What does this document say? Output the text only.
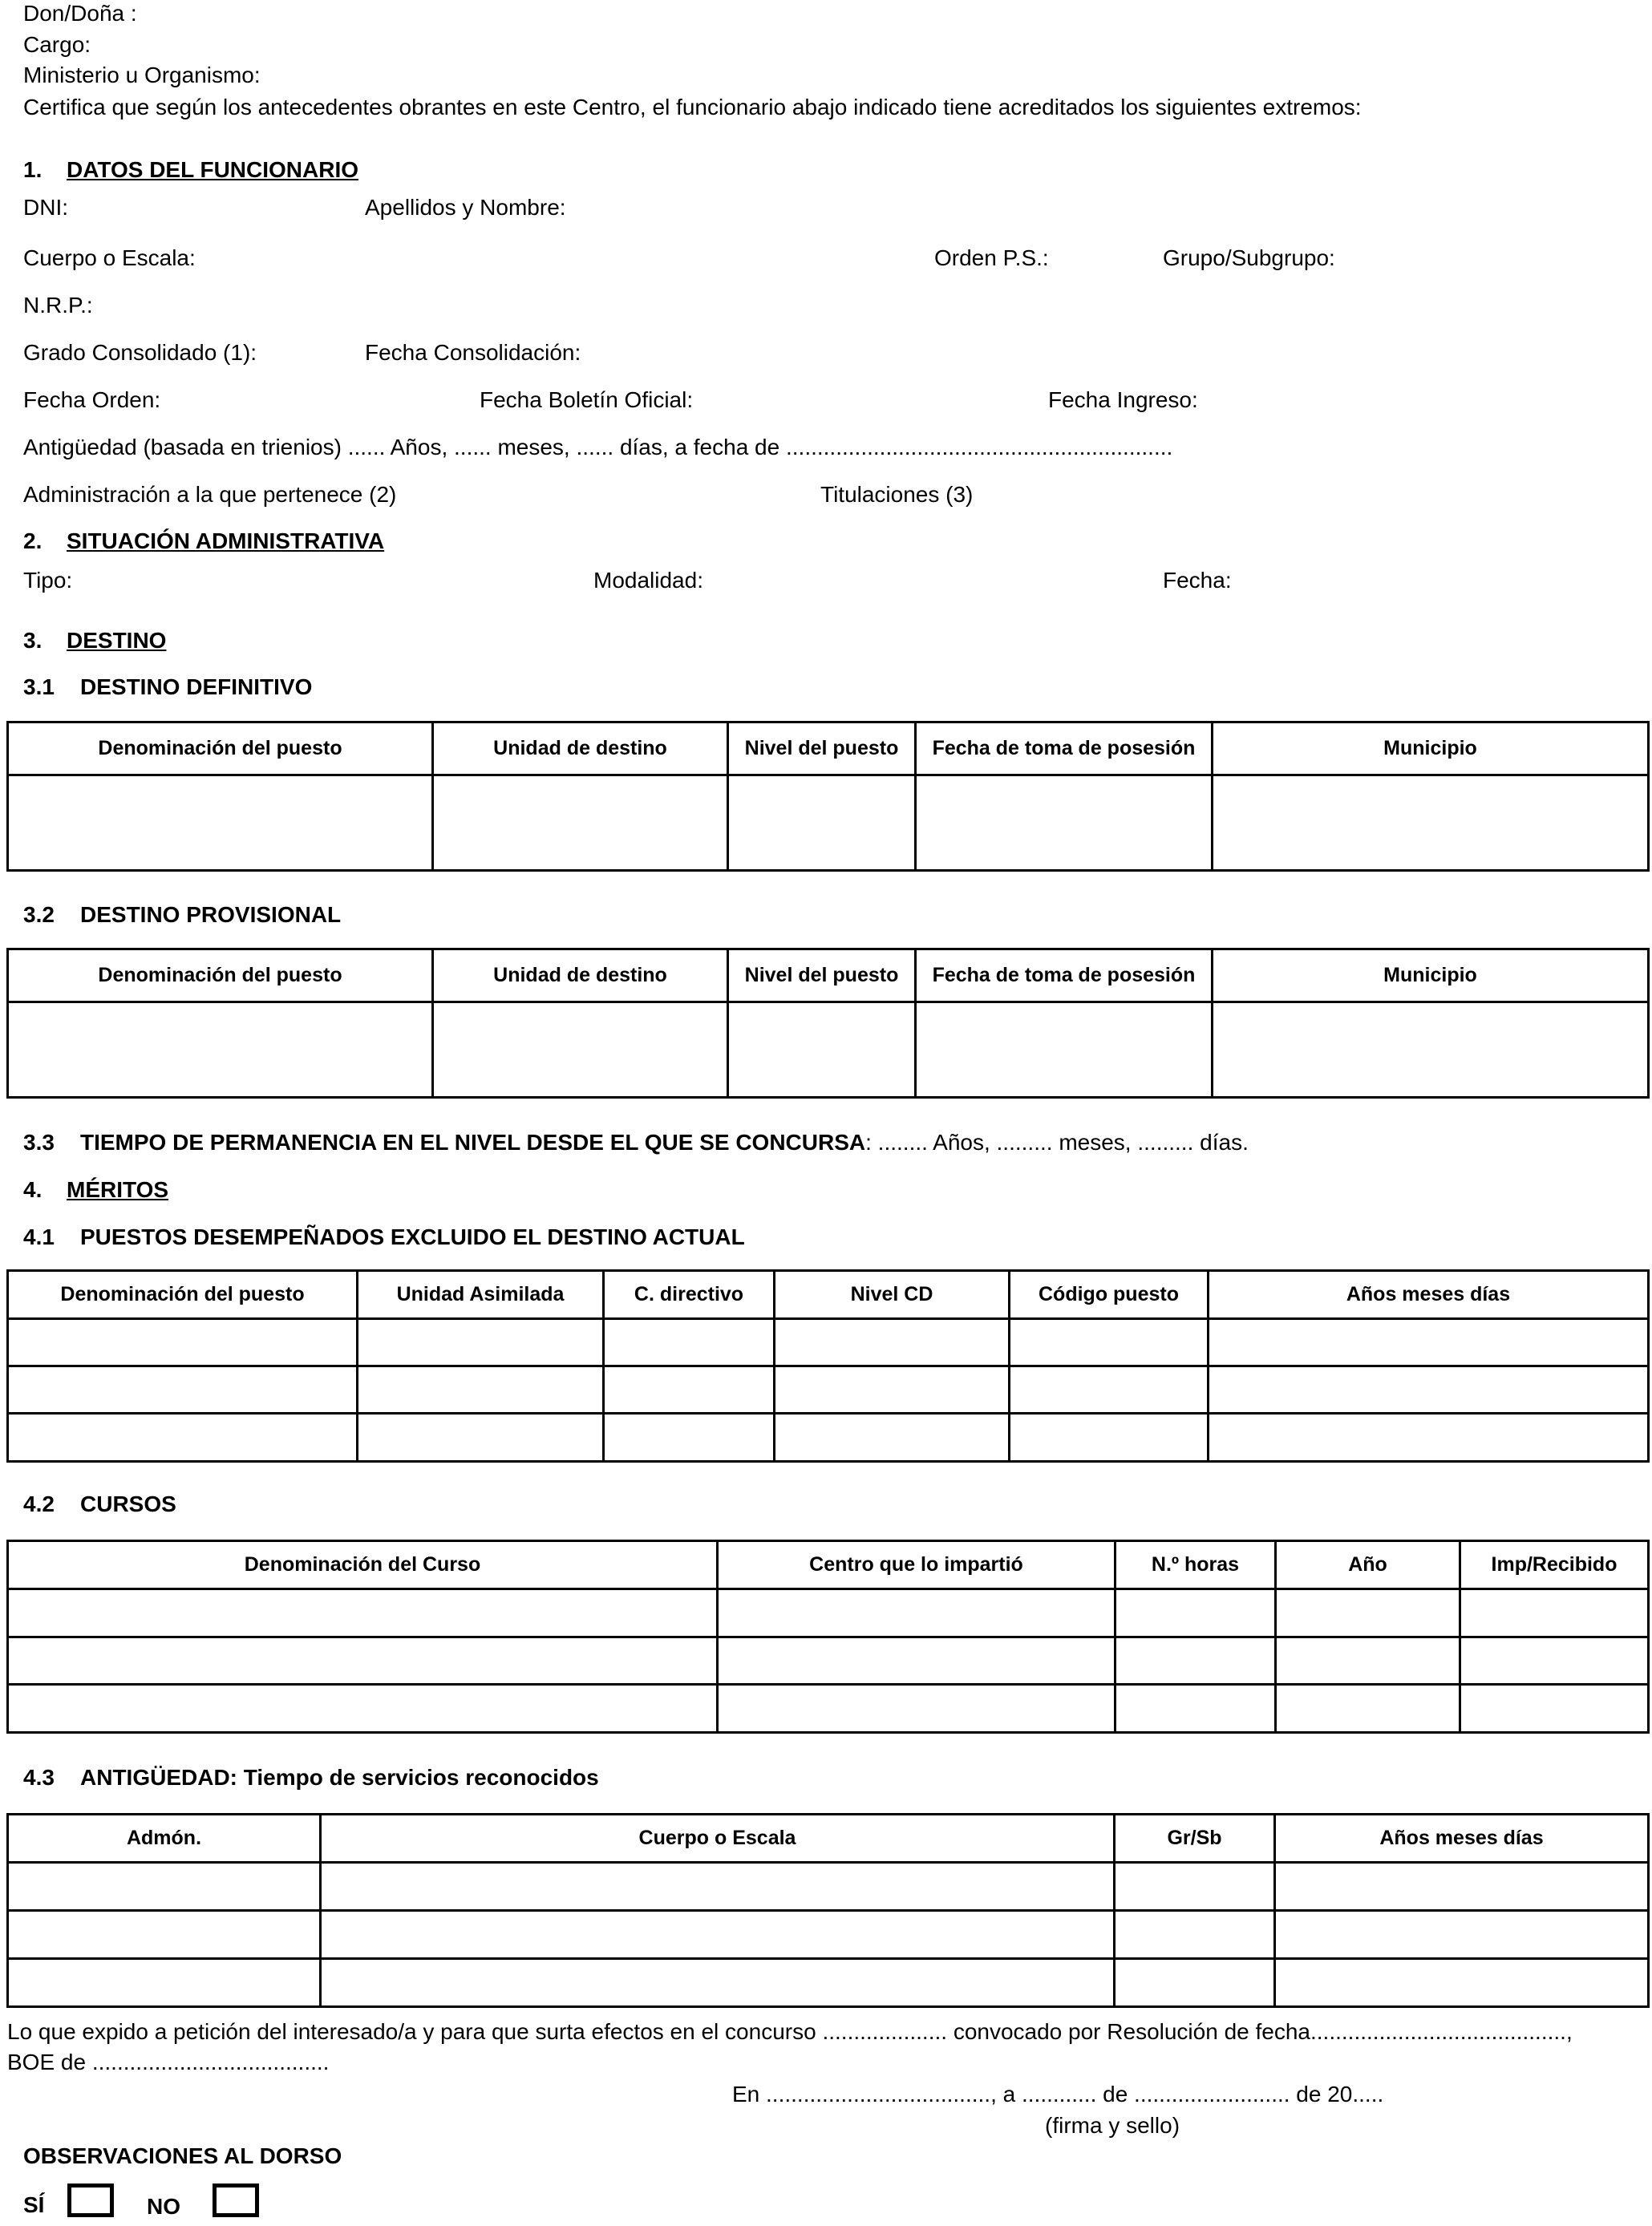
Don/Doña :
Cargo:
Ministerio u Organismo:
Certifica que según los antecedentes obrantes en este Centro, el funcionario abajo indicado tiene acreditados los siguientes extremos:
1. DATOS DEL FUNCIONARIO
DNI:	Apellidos y Nombre:
Cuerpo o Escala:	Orden P.S.:	Grupo/Subgrupo:
N.R.P.:
Grado Consolidado (1):	Fecha Consolidación:
Fecha Orden:	Fecha Boletín Oficial:	Fecha Ingreso:
Antigüedad (basada en trienios) ...... Años, ...... meses, ...... días, a fecha de ..............................................................
Administración a la que pertenece (2)	Titulaciones (3)
2. SITUACIÓN ADMINISTRATIVA
Tipo:	Modalidad:	Fecha:
3. DESTINO
3.1 DESTINO DEFINITIVO
Denominación del puesto	Unidad de destino	Nivel del puesto	Fecha de toma de posesión	Municipio

3.2 DESTINO PROVISIONAL
Denominación del puesto	Unidad de destino	Nivel del puesto	Fecha de toma de posesión	Municipio

3.3 TIEMPO DE PERMANENCIA EN EL NIVEL DESDE EL QUE SE CONCURSA: ........ Años, ......... meses, ......... días.
4. MÉRITOS
4.1 PUESTOS DESEMPEÑADOS EXCLUIDO EL DESTINO ACTUAL
Denominación del puesto	Unidad Asimilada	C. directivo	Nivel CD	Código puesto	Años meses días

4.2 CURSOS
Denominación del Curso	Centro que lo impartió	N.º horas	Año	Imp/Recibido

4.3 ANTIGÜEDAD: Tiempo de servicios reconocidos
Admón.	Cuerpo o Escala	Gr/Sb	Años meses días

Lo que expido a petición del interesado/a y para que surta efectos en el concurso .................... convocado por Resolución de fecha.........................................,
BOE de ......................................
En ...................................., a ............ de ......................... de 20.....
(firma y sello)
OBSERVACIONES AL DORSO
SÍ	NO
